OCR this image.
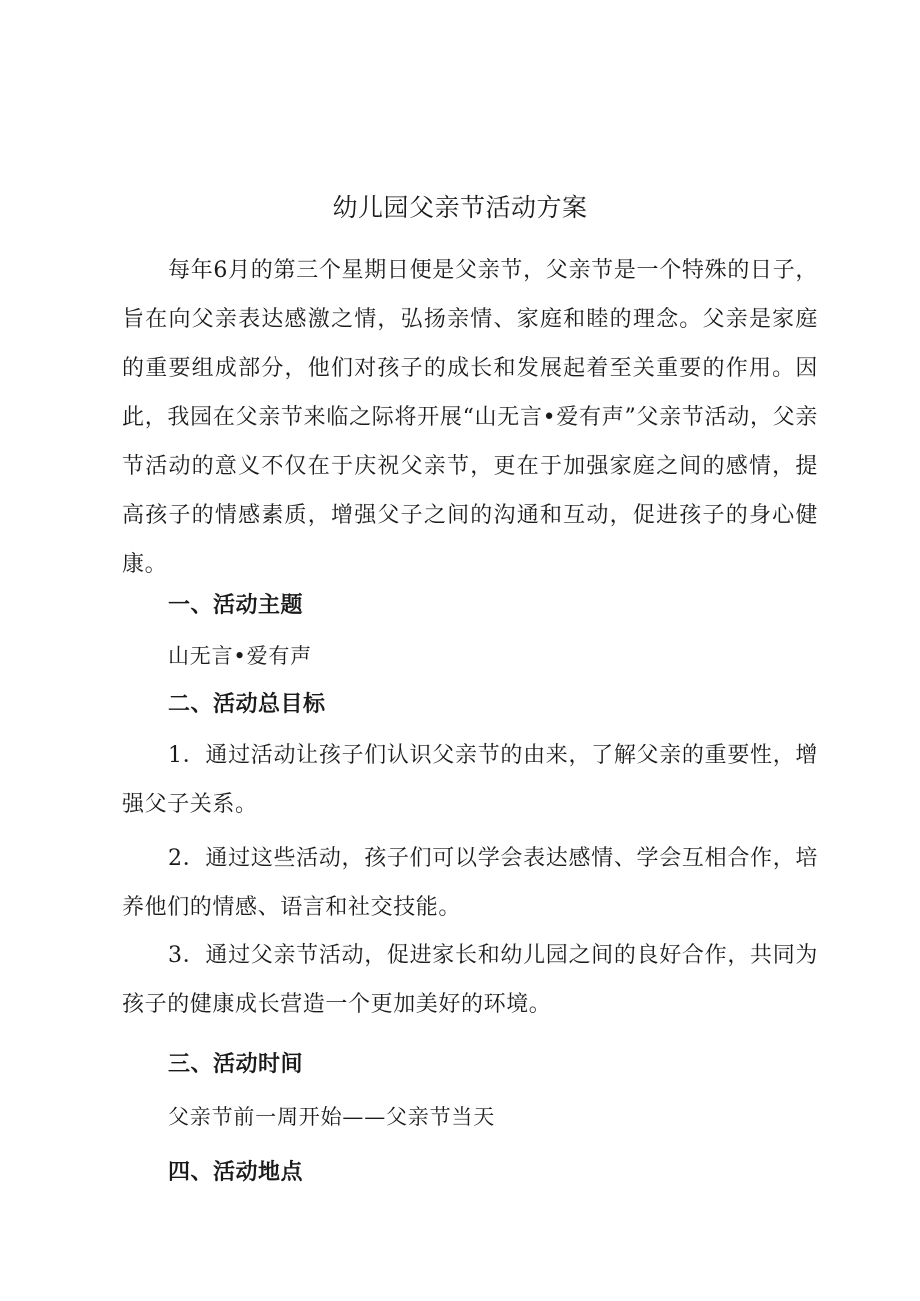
幼儿园父亲节活动方案

每年6月的第三个星期日便是父亲节，父亲节是一个特殊的日子，旨在向父亲表达感激之情，弘扬亲情、家庭和睦的理念。父亲是家庭的重要组成部分，他们对孩子的成长和发展起着至关重要的作用。因此，我园在父亲节来临之际将开展“山无言•爱有声”父亲节活动，父亲节活动的意义不仅在于庆祝父亲节，更在于加强家庭之间的感情，提高孩子的情感素质，增强父子之间的沟通和互动，促进孩子的身心健康。

一、活动主题

山无言•爱有声

二、活动总目标

1．通过活动让孩子们认识父亲节的由来，了解父亲的重要性，增强父子关系。

2．通过这些活动，孩子们可以学会表达感情、学会互相合作，培养他们的情感、语言和社交技能。

3．通过父亲节活动，促进家长和幼儿园之间的良好合作，共同为孩子的健康成长营造一个更加美好的环境。

三、活动时间

父亲节前一周开始——父亲节当天

四、活动地点
